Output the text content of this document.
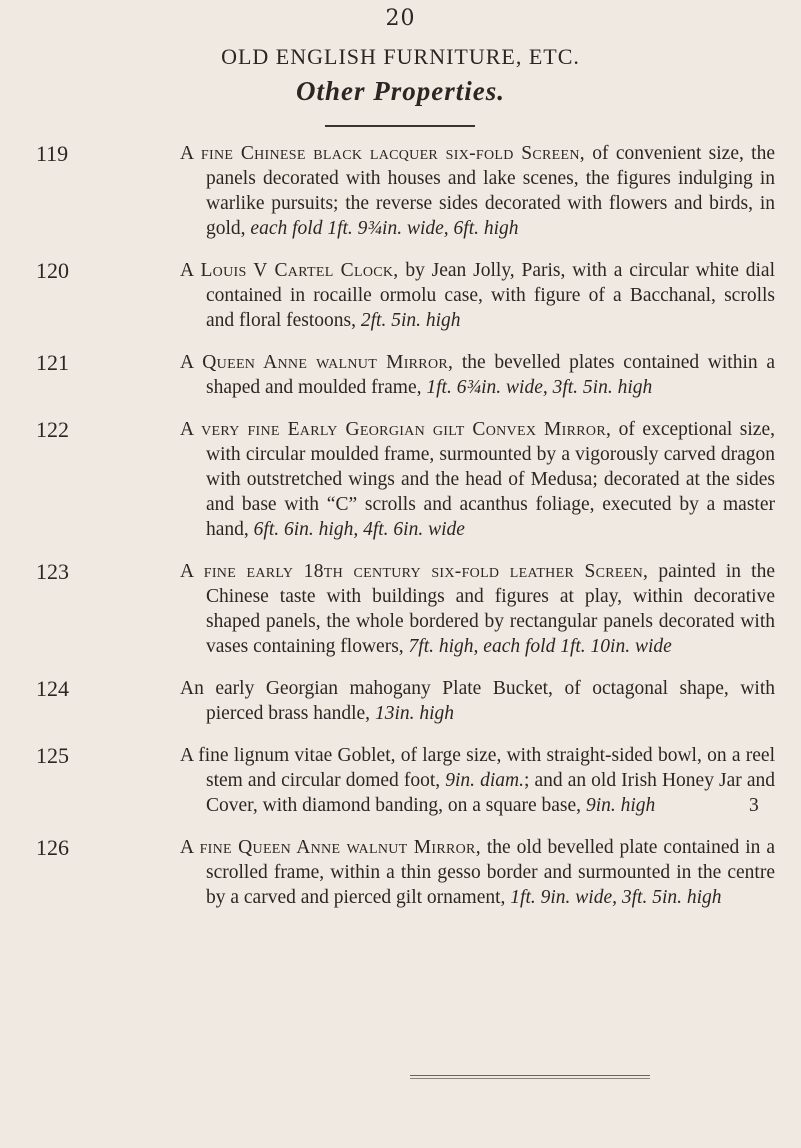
20
OLD ENGLISH FURNITURE, ETC.
Other Properties.
119	A fine Chinese black lacquer six-fold Screen, of convenient size, the panels decorated with houses and lake scenes, the figures indulging in warlike pursuits; the reverse sides decorated with flowers and birds, in gold, each fold 1ft. 9¾in. wide, 6ft. high
120	A Louis V Cartel Clock, by Jean Jolly, Paris, with a circular white dial contained in rocaille ormolu case, with figure of a Bacchanal, scrolls and floral festoons, 2ft. 5in. high
121	A Queen Anne walnut Mirror, the bevelled plates contained within a shaped and moulded frame, 1ft. 6¾in. wide, 3ft. 5in. high
122	A very fine Early Georgian gilt Convex Mirror, of exceptional size, with circular moulded frame, surmounted by a vigorously carved dragon with outstretched wings and the head of Medusa; decorated at the sides and base with “C” scrolls and acanthus foliage, executed by a master hand, 6ft. 6in. high, 4ft. 6in. wide
123	A fine early 18th century six-fold leather Screen, painted in the Chinese taste with buildings and figures at play, within decorative shaped panels, the whole bordered by rectangular panels decorated with vases containing flowers, 7ft. high, each fold 1ft. 10in. wide
124	An early Georgian mahogany Plate Bucket, of octagonal shape, with pierced brass handle, 13in. high
125	A fine lignum vitae Goblet, of large size, with straight-sided bowl, on a reel stem and circular domed foot, 9in. diam.; and an old Irish Honey Jar and Cover, with diamond banding, on a square base, 9in. high	3
126	A fine Queen Anne walnut Mirror, the old bevelled plate contained in a scrolled frame, within a thin gesso border and surmounted in the centre by a carved and pierced gilt ornament, 1ft. 9in. wide, 3ft. 5in. high
